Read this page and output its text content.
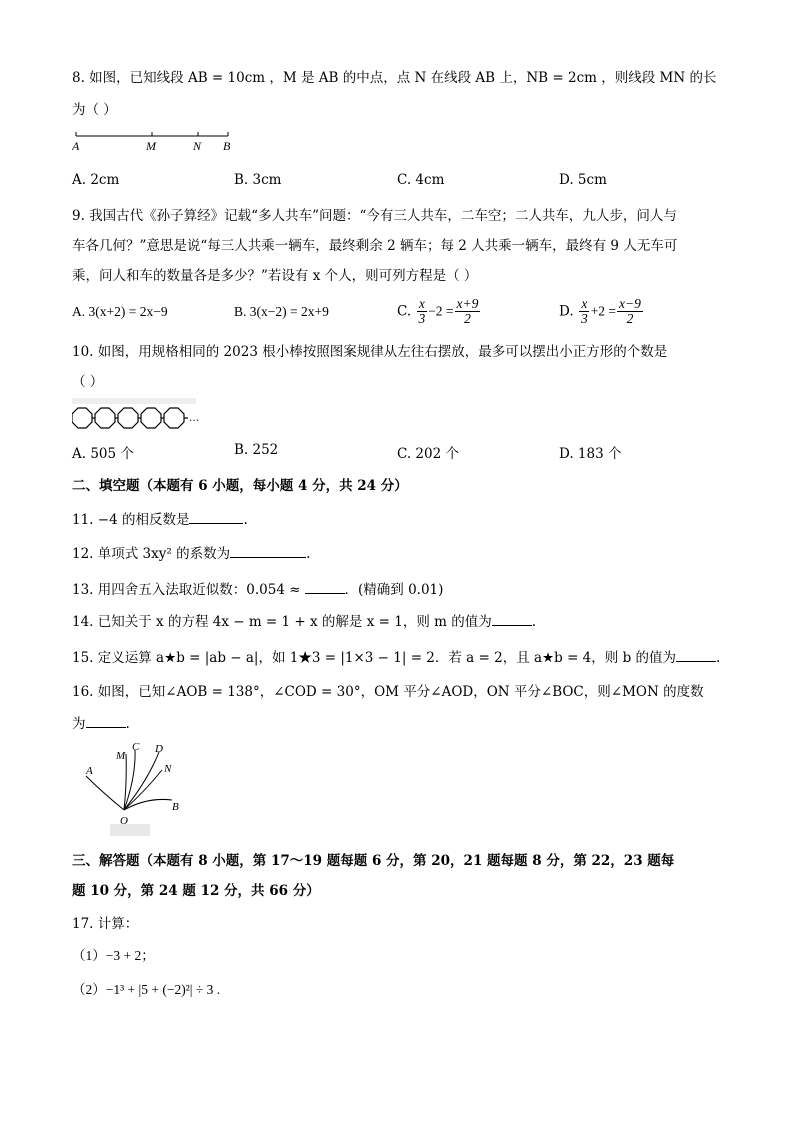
8. 如图，已知线段 AB = 10cm ，M 是 AB 的中点，点 N 在线段 AB 上，NB = 2cm ，则线段 MN 的长
为（ ）
A	M	N B
A. 2cm	B. 3cm	C. 4cm	D. 5cm
9. 我国古代《孙子算经》记载“多人共车”问题：“今有三人共车，二车空；二人共车，九人步，问人与
车各几何？”意思是说“每三人共乘一辆车，最终剩余 2 辆车；每 2 人共乘一辆车，最终有 9 人无车可
乘，问人和车的数量各是多少？”若设有 x 个人，则可列方程是（ ）
A. 3(x+2) = 2x−9	B. 3(x−2) = 2x+9	C. $\frac{x}{3} -2 = \frac{x+9}{2}$	D. $\frac{x}{3} +2 = \frac{x-9}{2}$
10. 如图，用规格相同的 2023 根小棒按照图案规律从左往右摆放，最多可以摆出小正方形的个数是
（ ）
…
A. 505 个	B. 252	C. 202 个	D. 183 个
二、填空题（本题有 6 小题，每小题 4 分，共 24 分）
11. −4 的相反数是	.
12. 单项式 3xy² 的系数为	.
13. 用四舍五入法取近似数：0.054 ≈	．(精确到 0.01)
14. 已知关于 x 的方程 4x − m = 1 + x 的解是 x = 1，则 m 的值为	.
15. 定义运算 a★b = |ab − a|，如 1★3 = |1×3 − 1| = 2．若 a = 2，且 a★b = 4，则 b 的值为	.
16. 如图，已知∠AOB = 138°，∠COD = 30°，OM 平分∠AOD，ON 平分∠BOC，则∠MON 的度数
为	.
A
M
C D
N
B
O
三、解答题（本题有 8 小题，第 17～19 题每题 6 分，第 20，21 题每题 8 分，第 22，23 题每
题 10 分，第 24 题 12 分，共 66 分）
17. 计算：
（1）−3 + 2；
（2）−1³ + |5 + (−2)²| ÷ 3 .
